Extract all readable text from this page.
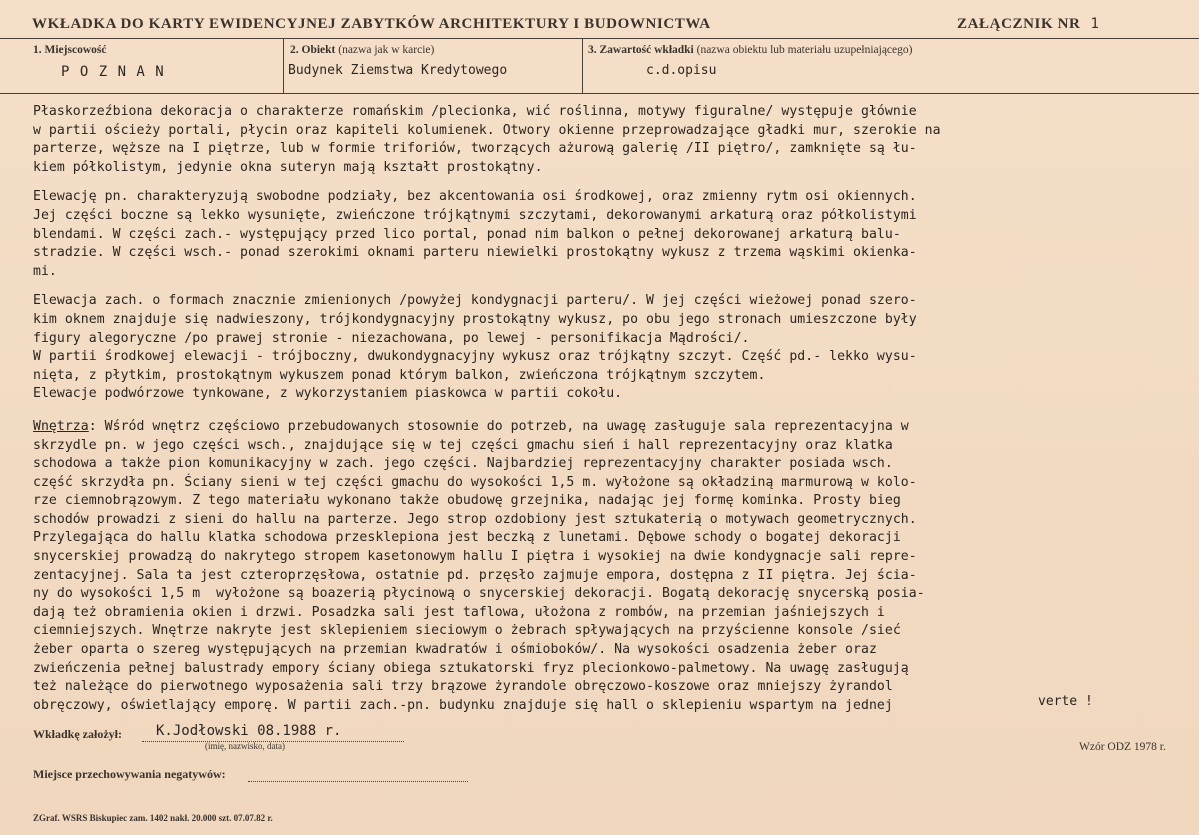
WKŁADKA DO KARTY EWIDENCYJNEJ ZABYTKÓW ARCHITEKTURY I BUDOWNICTWA	ZAŁĄCZNIK NR 1
1. Miejscowość
P O Z N A N
2. Obiekt (nazwa jak w karcie)
Budynek Ziemstwa Kredytowego
3. Zawartość wkładki (nazwa obiektu lub materiału uzupełniającego)
c.d.opisu
Płaskorzeźbiona dekoracja o charakterze romańskim /plecionka, wić roślinna, motywy figuralne/ występuje głównie
w partii ościeży portali, płycin oraz kapiteli kolumienek. Otwory okienne przeprowadzające gładki mur, szerokie na
parterze, węższe na I piętrze, lub w formie triforiów, tworzących ażurową galerię /II piętro/, zamknięte są łu-
kiem półkolistym, jedynie okna suteryn mają kształt prostokątny.
Elewację pn. charakteryzują swobodne podziały, bez akcentowania osi środkowej, oraz zmienny rytm osi okiennych.
Jej części boczne są lekko wysunięte, zwieńczone trójkątnymi szczytami, dekorowanymi arkaturą oraz półkolistymi
blendami. W części zach.- występujący przed lico portal, ponad nim balkon o pełnej dekorowanej arkaturą balu-
stradzie. W części wsch.- ponad szerokimi oknami parteru niewielki prostokątny wykusz z trzema wąskimi okienka-
mi.
Elewacja zach. o formach znacznie zmienionych /powyżej kondygnacji parteru/. W jej części wieżowej ponad szero-
kim oknem znajduje się nadwieszony, trójkondygnacyjny prostokątny wykusz, po obu jego stronach umieszczone były
figury alegoryczne /po prawej stronie - niezachowana, po lewej - personifikacja Mądrości/.
W partii środkowej elewacji - trójboczny, dwukondygnacyjny wykusz oraz trójkątny szczyt. Część pd.- lekko wysu-
nięta, z płytkim, prostokątnym wykuszem ponad którym balkon, zwieńczona trójkątnym szczytem.
Elewacje podwórzowe tynkowane, z wykorzystaniem piaskowca w partii cokołu.
Wnętrza: Wśród wnętrz częściowo przebudowanych stosownie do potrzeb, na uwagę zasługuje sala reprezentacyjna w
skrzydle pn. w jego części wsch., znajdujące się w tej części gmachu sień i hall reprezentacyjny oraz klatka
schodowa a także pion komunikacyjny w zach. jego części. Najbardziej reprezentacyjny charakter posiada wsch.
część skrzydła pn. Ściany sieni w tej części gmachu do wysokości 1,5 m. wyłożone są okładziną marmurową w kolo-
rze ciemnobrązowym. Z tego materiału wykonano także obudowę grzejnika, nadając jej formę kominka. Prosty bieg
schodów prowadzi z sieni do hallu na parterze. Jego strop ozdobiony jest sztukaterią o motywach geometrycznych.
Przylegająca do hallu klatka schodowa przesklepiona jest beczką z lunetami. Dębowe schody o bogatej dekoracji
snycerskiej prowadzą do nakrytego stropem kasetonowym hallu I piętra i wysokiej na dwie kondygnacje sali repre-
zentacyjnej. Sala ta jest czteroprzęsłowa, ostatnie pd. przęsło zajmuje empora, dostępna z II piętra. Jej ścia-
ny do wysokości 1,5 m  wyłożone są boazerią płycinową o snycerskiej dekoracji. Bogatą dekorację snycerską posia-
dają też obramienia okien i drzwi. Posadzka sali jest taflowa, ułożona z rombów, na przemian jaśniejszych i
ciemniejszych. Wnętrze nakryte jest sklepieniem sieciowym o żebrach spływających na przyścienne konsole /sieć
żeber oparta o szereg występujących na przemian kwadratów i ośmioboków/. Na wysokości osadzenia żeber oraz
zwieńczenia pełnej balustrady empory ściany obiega sztukatorski fryz plecionkowo-palmetowy. Na uwagę zasługują
też należące do pierwotnego wyposażenia sali trzy brązowe żyrandole obręczowo-koszowe oraz mniejszy żyrandol
obręczowy, oświetlający emporę. W partii zach.-pn. budynku znajduje się hall o sklepieniu wspartym na jednej	verte !
Wkładkę założył: K.Jodłowski 08.1988 r.
(imię, nazwisko, data)	Wzór ODZ 1978 r.
Miejsce przechowywania negatywów:
ZGraf. WSRS Biskupiec zam. 1402 nakł. 20.000 szt. 07.07.82 r.
